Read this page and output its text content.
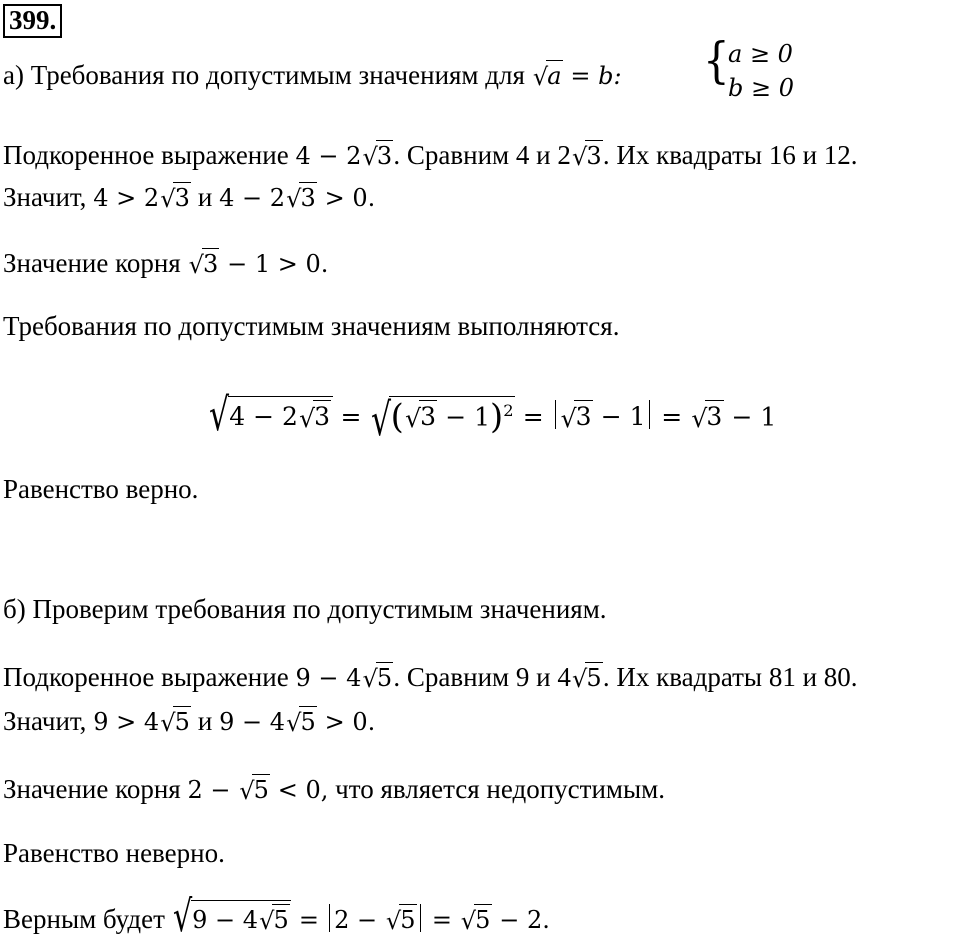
399.
а) Требования по допустимым значениям для √ a = b: {
a ≥ 0
b ≥ 0
Подкоренное выражение 4 − 2 √ 3. Сравним 4 и 2 √ 3. Их квадраты 16 и 12.
Значит, 4 > 2 √ 3 и 4 − 2 √ 3 > 0.
Значение корня √ 3 − 1 > 0.
Требования по допустимым значениям выполняются.
√ 4 − 2 √ 3 = √ ( √ 3 − 1)$^2$ = √ 3 − 1 = √ 3 − 1
Равенство верно.
б) Проверим требования по допустимым значениям.
Подкоренное выражение 9 − 4 √ 5. Сравним 9 и 4 √ 5. Их квадраты 81 и 80.
Значит, 9 > 4 √ 5 и 9 − 4 √ 5 > 0.
Значение корня 2 − √ 5 < 0, что является недопустимым.
Равенство неверно.
Верным будет √ 9 − 4 √ 5 = 2 − √ 5 = √ 5 − 2.
